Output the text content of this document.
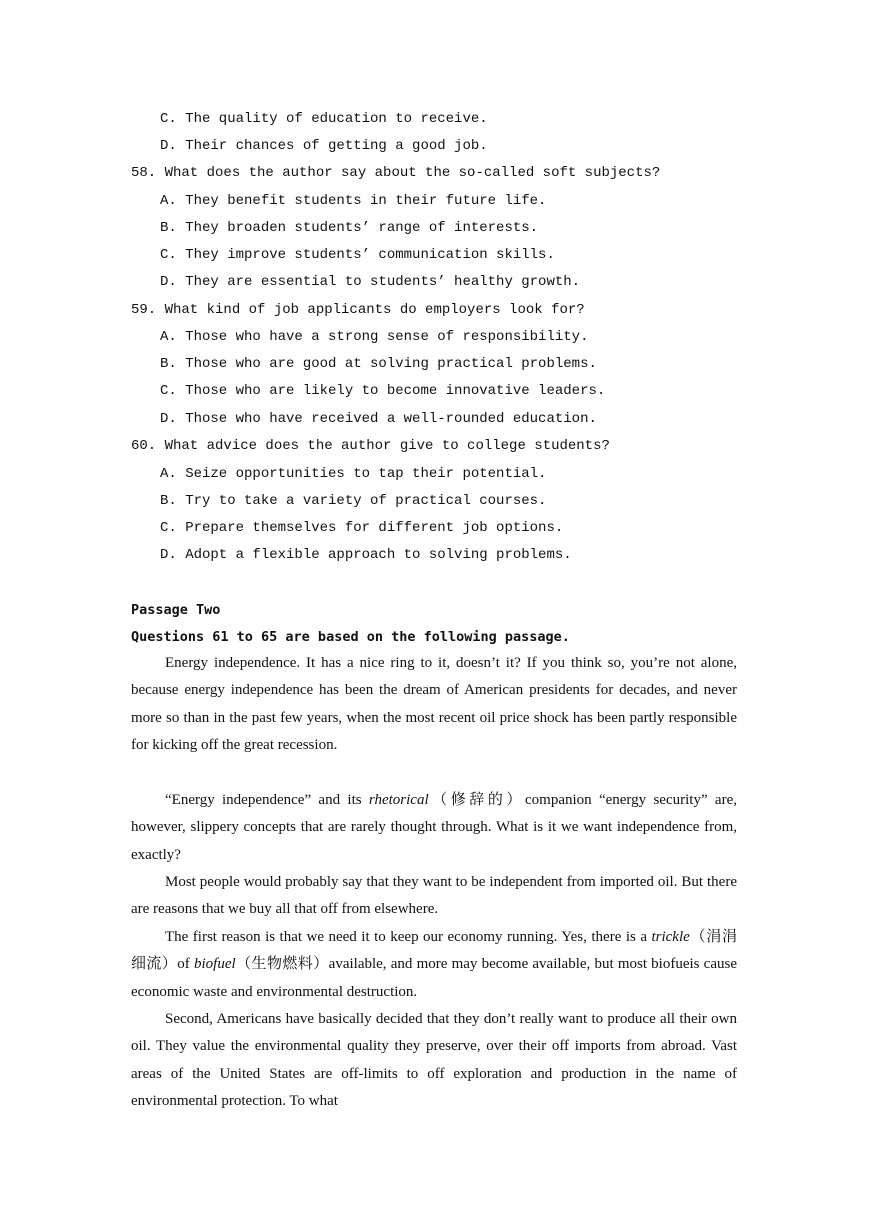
C. The quality of education to receive.
D. Their chances of getting a good job.
58. What does the author say about the so-called soft subjects?
A. They benefit students in their future life.
B. They broaden students’ range of interests.
C. They improve students’ communication skills.
D. They are essential to students’ healthy growth.
59. What kind of job applicants do employers look for?
A. Those who have a strong sense of responsibility.
B. Those who are good at solving practical problems.
C. Those who are likely to become innovative leaders.
D. Those who have received a well-rounded education.
60. What advice does the author give to college students?
A. Seize opportunities to tap their potential.
B. Try to take a variety of practical courses.
C. Prepare themselves for different job options.
D. Adopt a flexible approach to solving problems.
Passage Two
Questions 61 to 65 are based on the following passage.
Energy independence. It has a nice ring to it, doesn’t it? If you think so, you’re not alone, because energy independence has been the dream of American presidents for decades, and never more so than in the past few years, when the most recent oil price shock has been partly responsible for kicking off the great recession.
“Energy independence” and its rhetorical（修辞的）companion “energy security” are, however, slippery concepts that are rarely thought through. What is it we want independence from, exactly?
Most people would probably say that they want to be independent from imported oil. But there are reasons that we buy all that off from elsewhere.
The first reason is that we need it to keep our economy running. Yes, there is a trickle（涓涓细流）of biofuel（生物燃料）available, and more may become available, but most biofueis cause economic waste and environmental destruction.
Second, Americans have basically decided that they don’t really want to produce all their own oil. They value the environmental quality they preserve, over their off imports from abroad. Vast areas of the United States are off-limits to off exploration and production in the name of environmental protection. To what
